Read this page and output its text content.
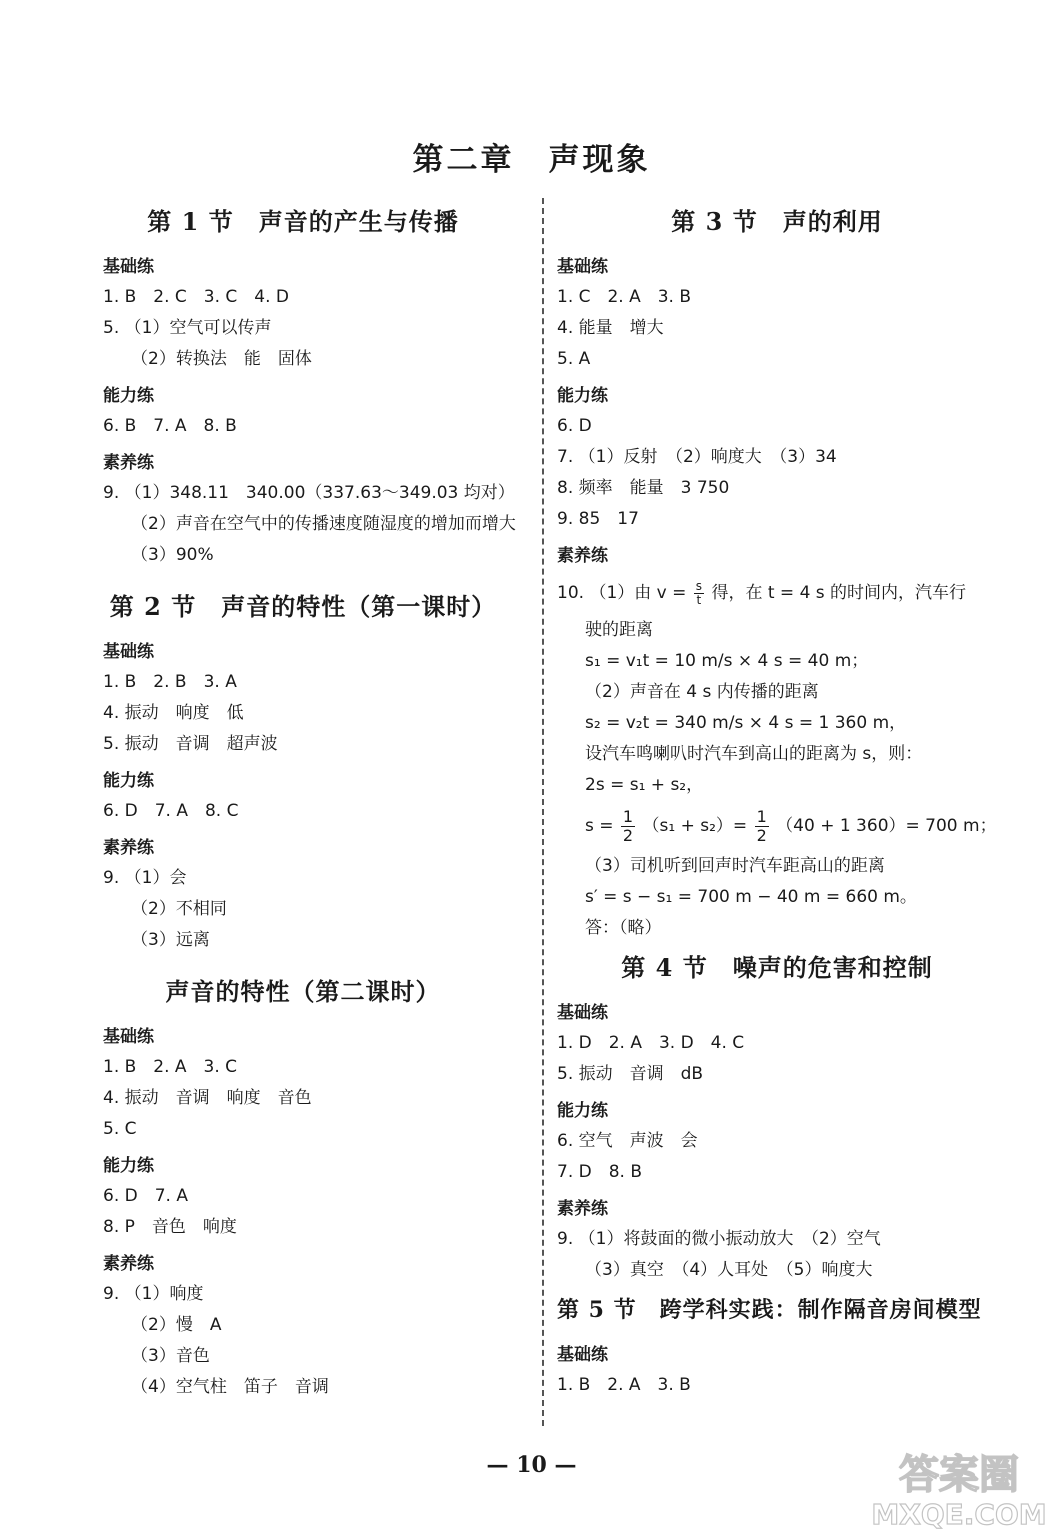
第二章　声现象
第 1 节　声音的产生与传播
基础练
1. B　2. C　3. C　4. D
5. （1）空气可以传声
（2）转换法　能　固体
能力练
6. B　7. A　8. B
素养练
9. （1）348.11　340.00（337.63～349.03 均对）
（2）声音在空气中的传播速度随湿度的增加而增大
（3）90%
第 2 节　声音的特性（第一课时）
基础练
1. B　2. B　3. A
4. 振动　响度　低
5. 振动　音调　超声波
能力练
6. D　7. A　8. C
素养练
9. （1）会
（2）不相同
（3）远离
声音的特性（第二课时）
基础练
1. B　2. A　3. C
4. 振动　音调　响度　音色
5. C
能力练
6. D　7. A
8. P　音色　响度
素养练
9. （1）响度
（2）慢　A
（3）音色
（4）空气柱　笛子　音调
第 3 节　声的利用
基础练
1. C　2. A　3. B
4. 能量　增大
5. A
能力练
6. D
7. （1）反射　（2）响度大　（3）34
8. 频率　能量　3 750
9. 85　17
素养练
10. （1）由 $v = \frac{s}{t}$ 得，在 t = 4 s 的时间内，汽车行
驶的距离
s₁ = v₁t = 10 m/s × 4 s = 40 m；
（2）声音在 4 s 内传播的距离
s₂ = v₂t = 340 m/s × 4 s = 1 360 m，
设汽车鸣喇叭时汽车到高山的距离为 s，则：
2s = s₁ + s₂，
$s = \frac{1}{2} (s_1 + s_2)= \frac{1}{2} (40 + 1$ 360）= 700 m；
（3）司机听到回声时汽车距高山的距离
s′ = s − s₁ = 700 m − 40 m = 660 m。
答：（略）
第 4 节　噪声的危害和控制
基础练
1. D　2. A　3. D　4. C
5. 振动　音调　dB
能力练
6. 空气　声波　会
7. D　8. B
素养练
9. （1）将鼓面的微小振动放大　（2）空气
（3）真空　（4）人耳处　（5）响度大
第 5 节　跨学科实践：制作隔音房间模型
基础练
1. B　2. A　3. B
— 10 —	答案圈
MXQE.COM
